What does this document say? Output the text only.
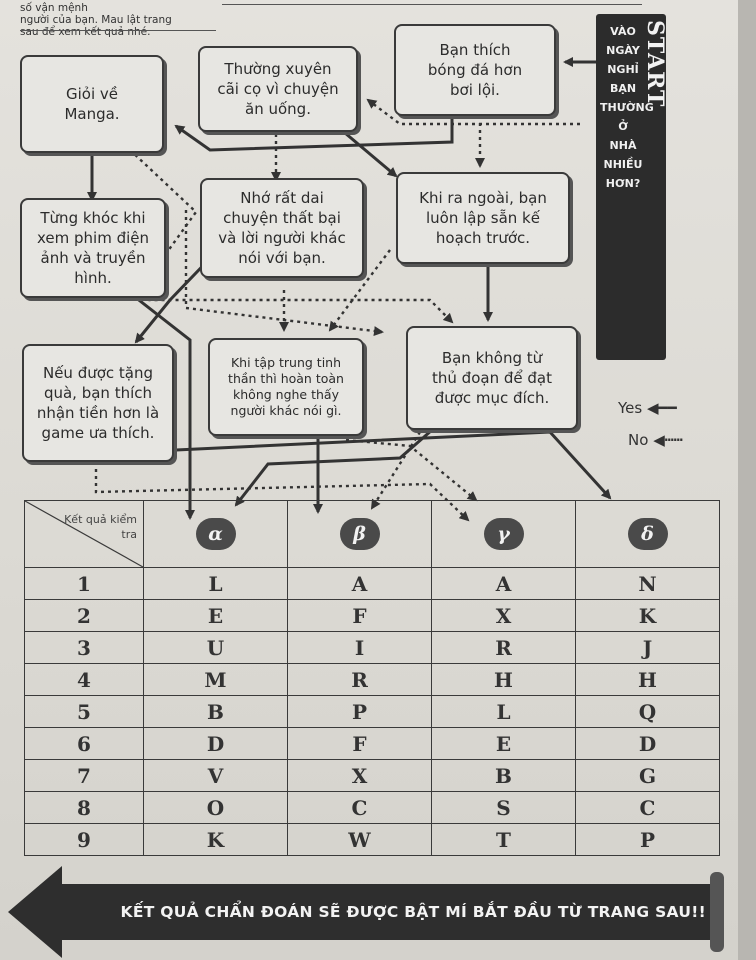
số vận mệnh
người của bạn. Mau lật trang
sau để xem kết quả nhé.	START
VÀO
NGÀY
NGHỈ
BẠN
THƯỜNG
Ở
NHÀ
NHIỀU
HƠN?
Giỏi về
Manga.
Thường xuyên
cãi cọ vì chuyện
ăn uống.
Bạn thích
bóng đá hơn
bơi lội.
Từng khóc khi
xem phim điện
ảnh và truyền
hình.
Nhớ rất dai
chuyện thất bại
và lời người khác
nói với bạn.
Khi ra ngoài, bạn
luôn lập sẵn kế
hoạch trước.
Nếu được tặng
quà, bạn thích
nhận tiền hơn là
game ưa thích.
Khi tập trung tinh
thần thì hoàn toàn
không nghe thấy
người khác nói gì.
Bạn không từ
thủ đoạn để đạt
được mục đích.
Yes ◀━━
No ◀┅┅
Kết quả kiểm
tra	α	β	γ	δ
1	L	A	A	N
2	E	F	X	K
3	U	I	R	J
4	M	R	H	H
5	B	P	L	Q
6	D	F	E	D
7	V	X	B	G
8	O	C	S	C
9	K	W	T	P
KẾT QUẢ CHẨN ĐOÁN SẼ ĐƯỢC BẬT MÍ BẮT ĐẦU TỪ TRANG SAU!!
